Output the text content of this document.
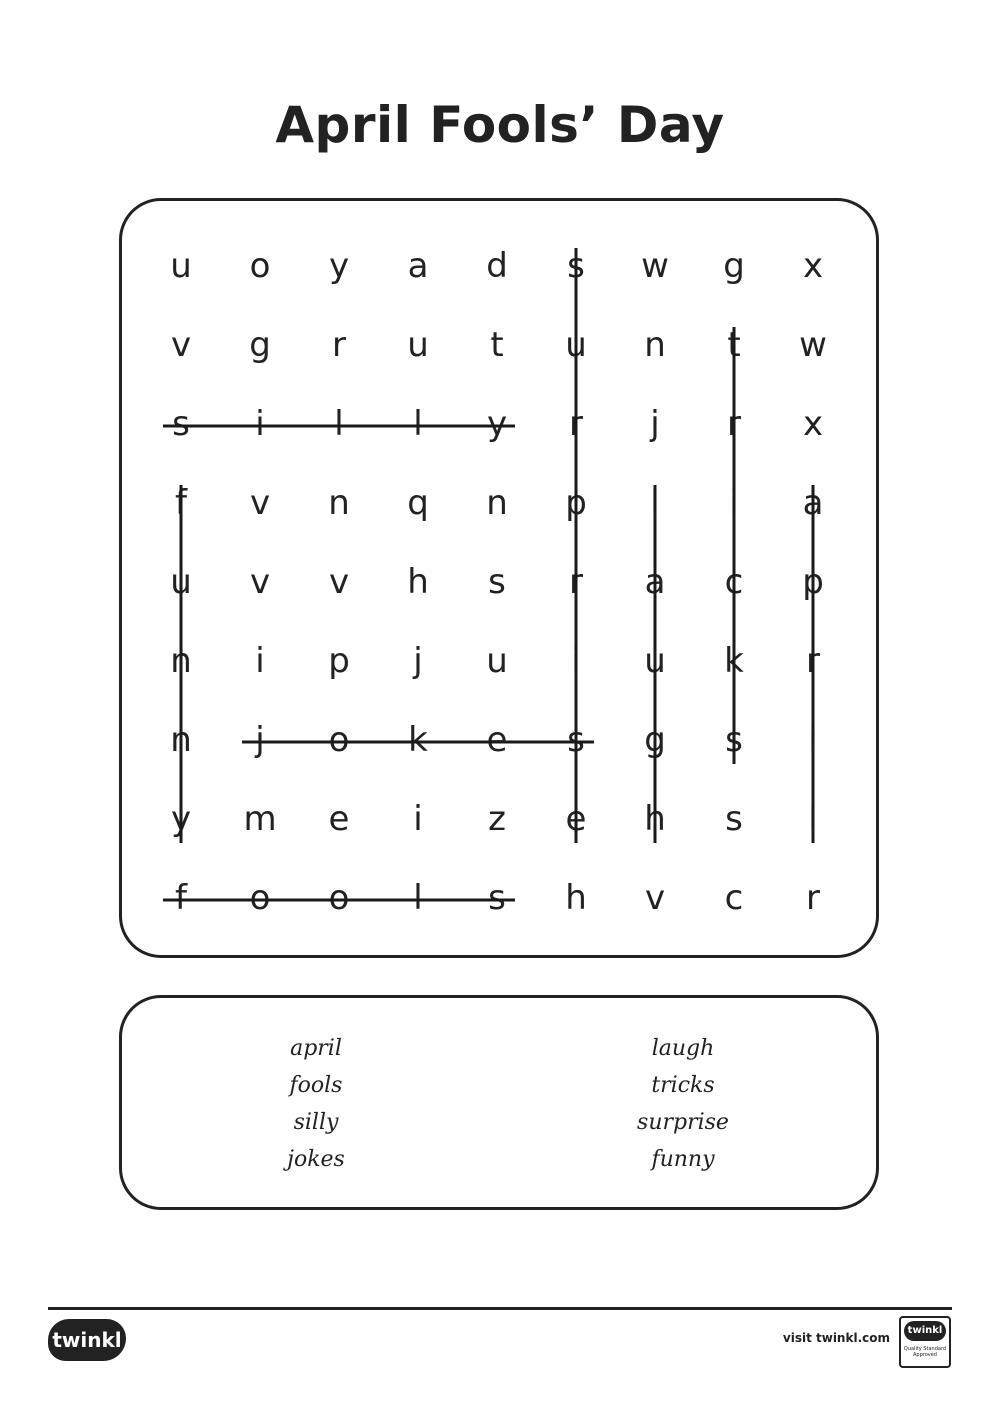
April Fools’ Day
u	o	y	a	d	s	w	g	x
v	g	r	u	t	u	n	t	w
s	i	l	l	y	r	j	r	x
f	v	n	q	n	p	l	i	a
u	v	v	h	s	r	a	c	p
n	i	p	j	u	i	u	k	r
n	j	o	k	e	s	g	s	i
y	m	e	i	z	e	h	s	l
f	o	o	l	s	h	v	c	r
april
fools
silly
jokes
laugh
tricks
surprise
funny
twinkl	visit twinkl.com
twinkl
Quality Standard
Approved
